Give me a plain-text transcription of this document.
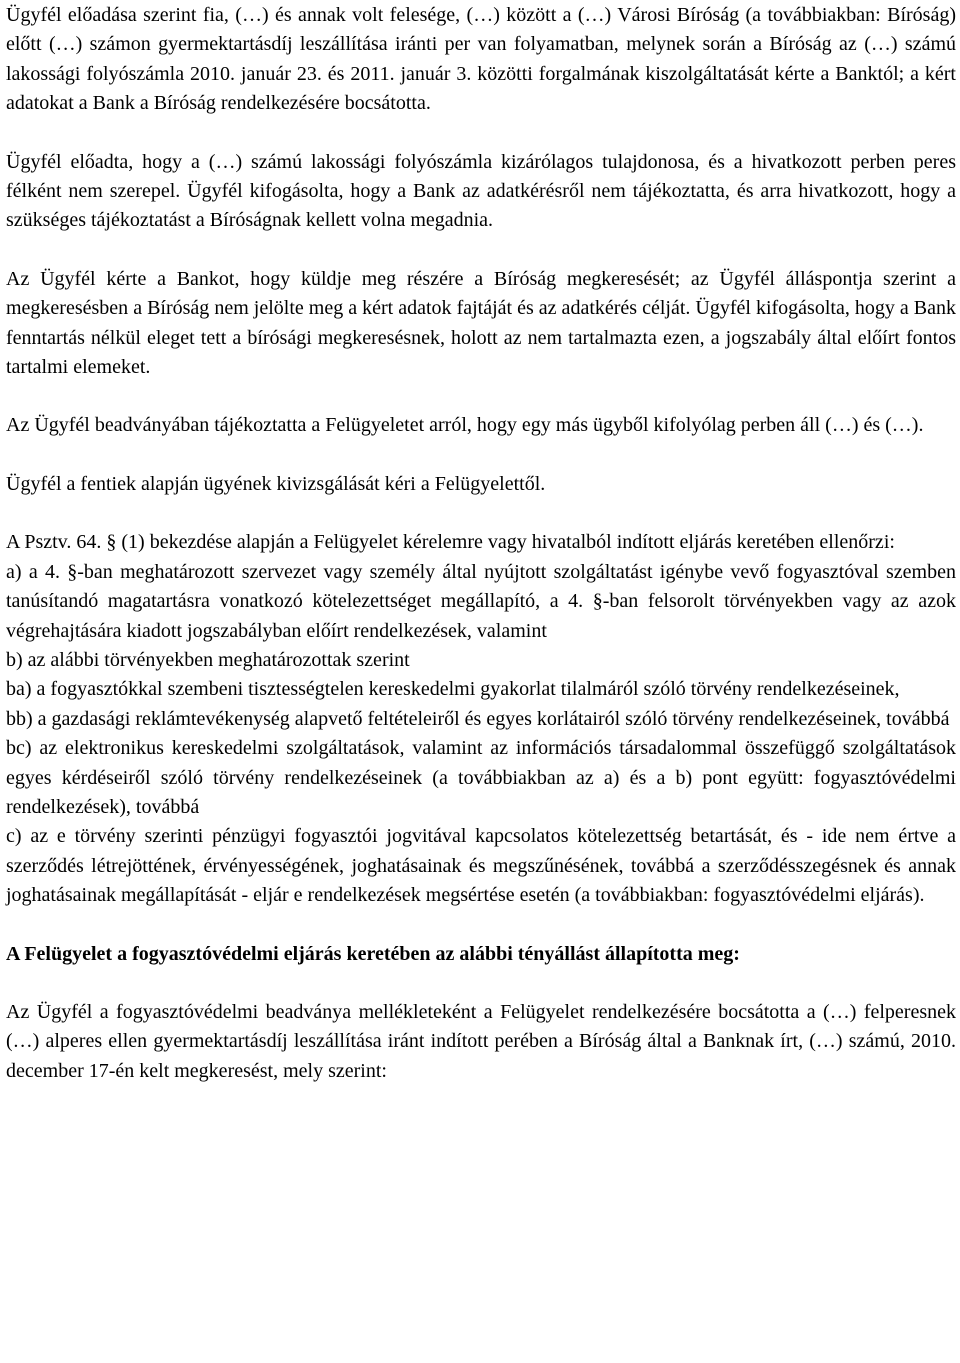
Ügyfél előadása szerint fia, (…) és annak volt felesége, (…) között a (…) Városi Bíróság (a továbbiakban: Bíróság) előtt (…) számon gyermektartásdíj leszállítása iránti per van folyamatban, melynek során a Bíróság az (…) számú lakossági folyószámla 2010. január 23. és 2011. január 3. közötti forgalmának kiszolgáltatását kérte a Banktól; a kért adatokat a Bank a Bíróság rendelkezésére bocsátotta.

Ügyfél előadta, hogy a (…) számú lakossági folyószámla kizárólagos tulajdonosa, és a hivatkozott perben peres félként nem szerepel. Ügyfél kifogásolta, hogy a Bank az adatkérésről nem tájékoztatta, és arra hivatkozott, hogy a szükséges tájékoztatást a Bíróságnak kellett volna megadnia.

Az Ügyfél kérte a Bankot, hogy küldje meg részére a Bíróság megkeresését; az Ügyfél álláspontja szerint a megkeresésben a Bíróság nem jelölte meg a kért adatok fajtáját és az adatkérés célját. Ügyfél kifogásolta, hogy a Bank fenntartás nélkül eleget tett a bírósági megkeresésnek, holott az nem tartalmazta ezen, a jogszabály által előírt fontos tartalmi elemeket.

Az Ügyfél beadványában tájékoztatta a Felügyeletet arról, hogy egy más ügyből kifolyólag perben áll (…) és (…).

Ügyfél a fentiek alapján ügyének kivizsgálását kéri a Felügyelettől.

A Psztv. 64. § (1) bekezdése alapján a Felügyelet kérelemre vagy hivatalból indított eljárás keretében ellenőrzi:

a) a 4. §-ban meghatározott szervezet vagy személy által nyújtott szolgáltatást igénybe vevő fogyasztóval szemben tanúsítandó magatartásra vonatkozó kötelezettséget megállapító, a 4. §-ban felsorolt törvényekben vagy az azok végrehajtására kiadott jogszabályban előírt rendelkezések, valamint

b) az alábbi törvényekben meghatározottak szerint

ba) a fogyasztókkal szembeni tisztességtelen kereskedelmi gyakorlat tilalmáról szóló törvény rendelkezéseinek,

bb) a gazdasági reklámtevékenység alapvető feltételeiről és egyes korlátairól szóló törvény rendelkezéseinek, továbbá

bc) az elektronikus kereskedelmi szolgáltatások, valamint az információs társadalommal összefüggő szolgáltatások egyes kérdéseiről szóló törvény rendelkezéseinek (a továbbiakban az a) és a b) pont együtt: fogyasztóvédelmi rendelkezések), továbbá

c) az e törvény szerinti pénzügyi fogyasztói jogvitával kapcsolatos kötelezettség betartását, és - ide nem értve a szerződés létrejöttének, érvényességének, joghatásainak és megszűnésének, továbbá a szerződésszegésnek és annak joghatásainak megállapítását - eljár e rendelkezések megsértése esetén (a továbbiakban: fogyasztóvédelmi eljárás).

A Felügyelet a fogyasztóvédelmi eljárás keretében az alábbi tényállást állapította meg:

Az Ügyfél a fogyasztóvédelmi beadványa mellékleteként a Felügyelet rendelkezésére bocsátotta a (…) felperesnek (…) alperes ellen gyermektartásdíj leszállítása iránt indított perében a Bíróság által a Banknak írt, (…) számú, 2010. december 17-én kelt megkeresést, mely szerint:
